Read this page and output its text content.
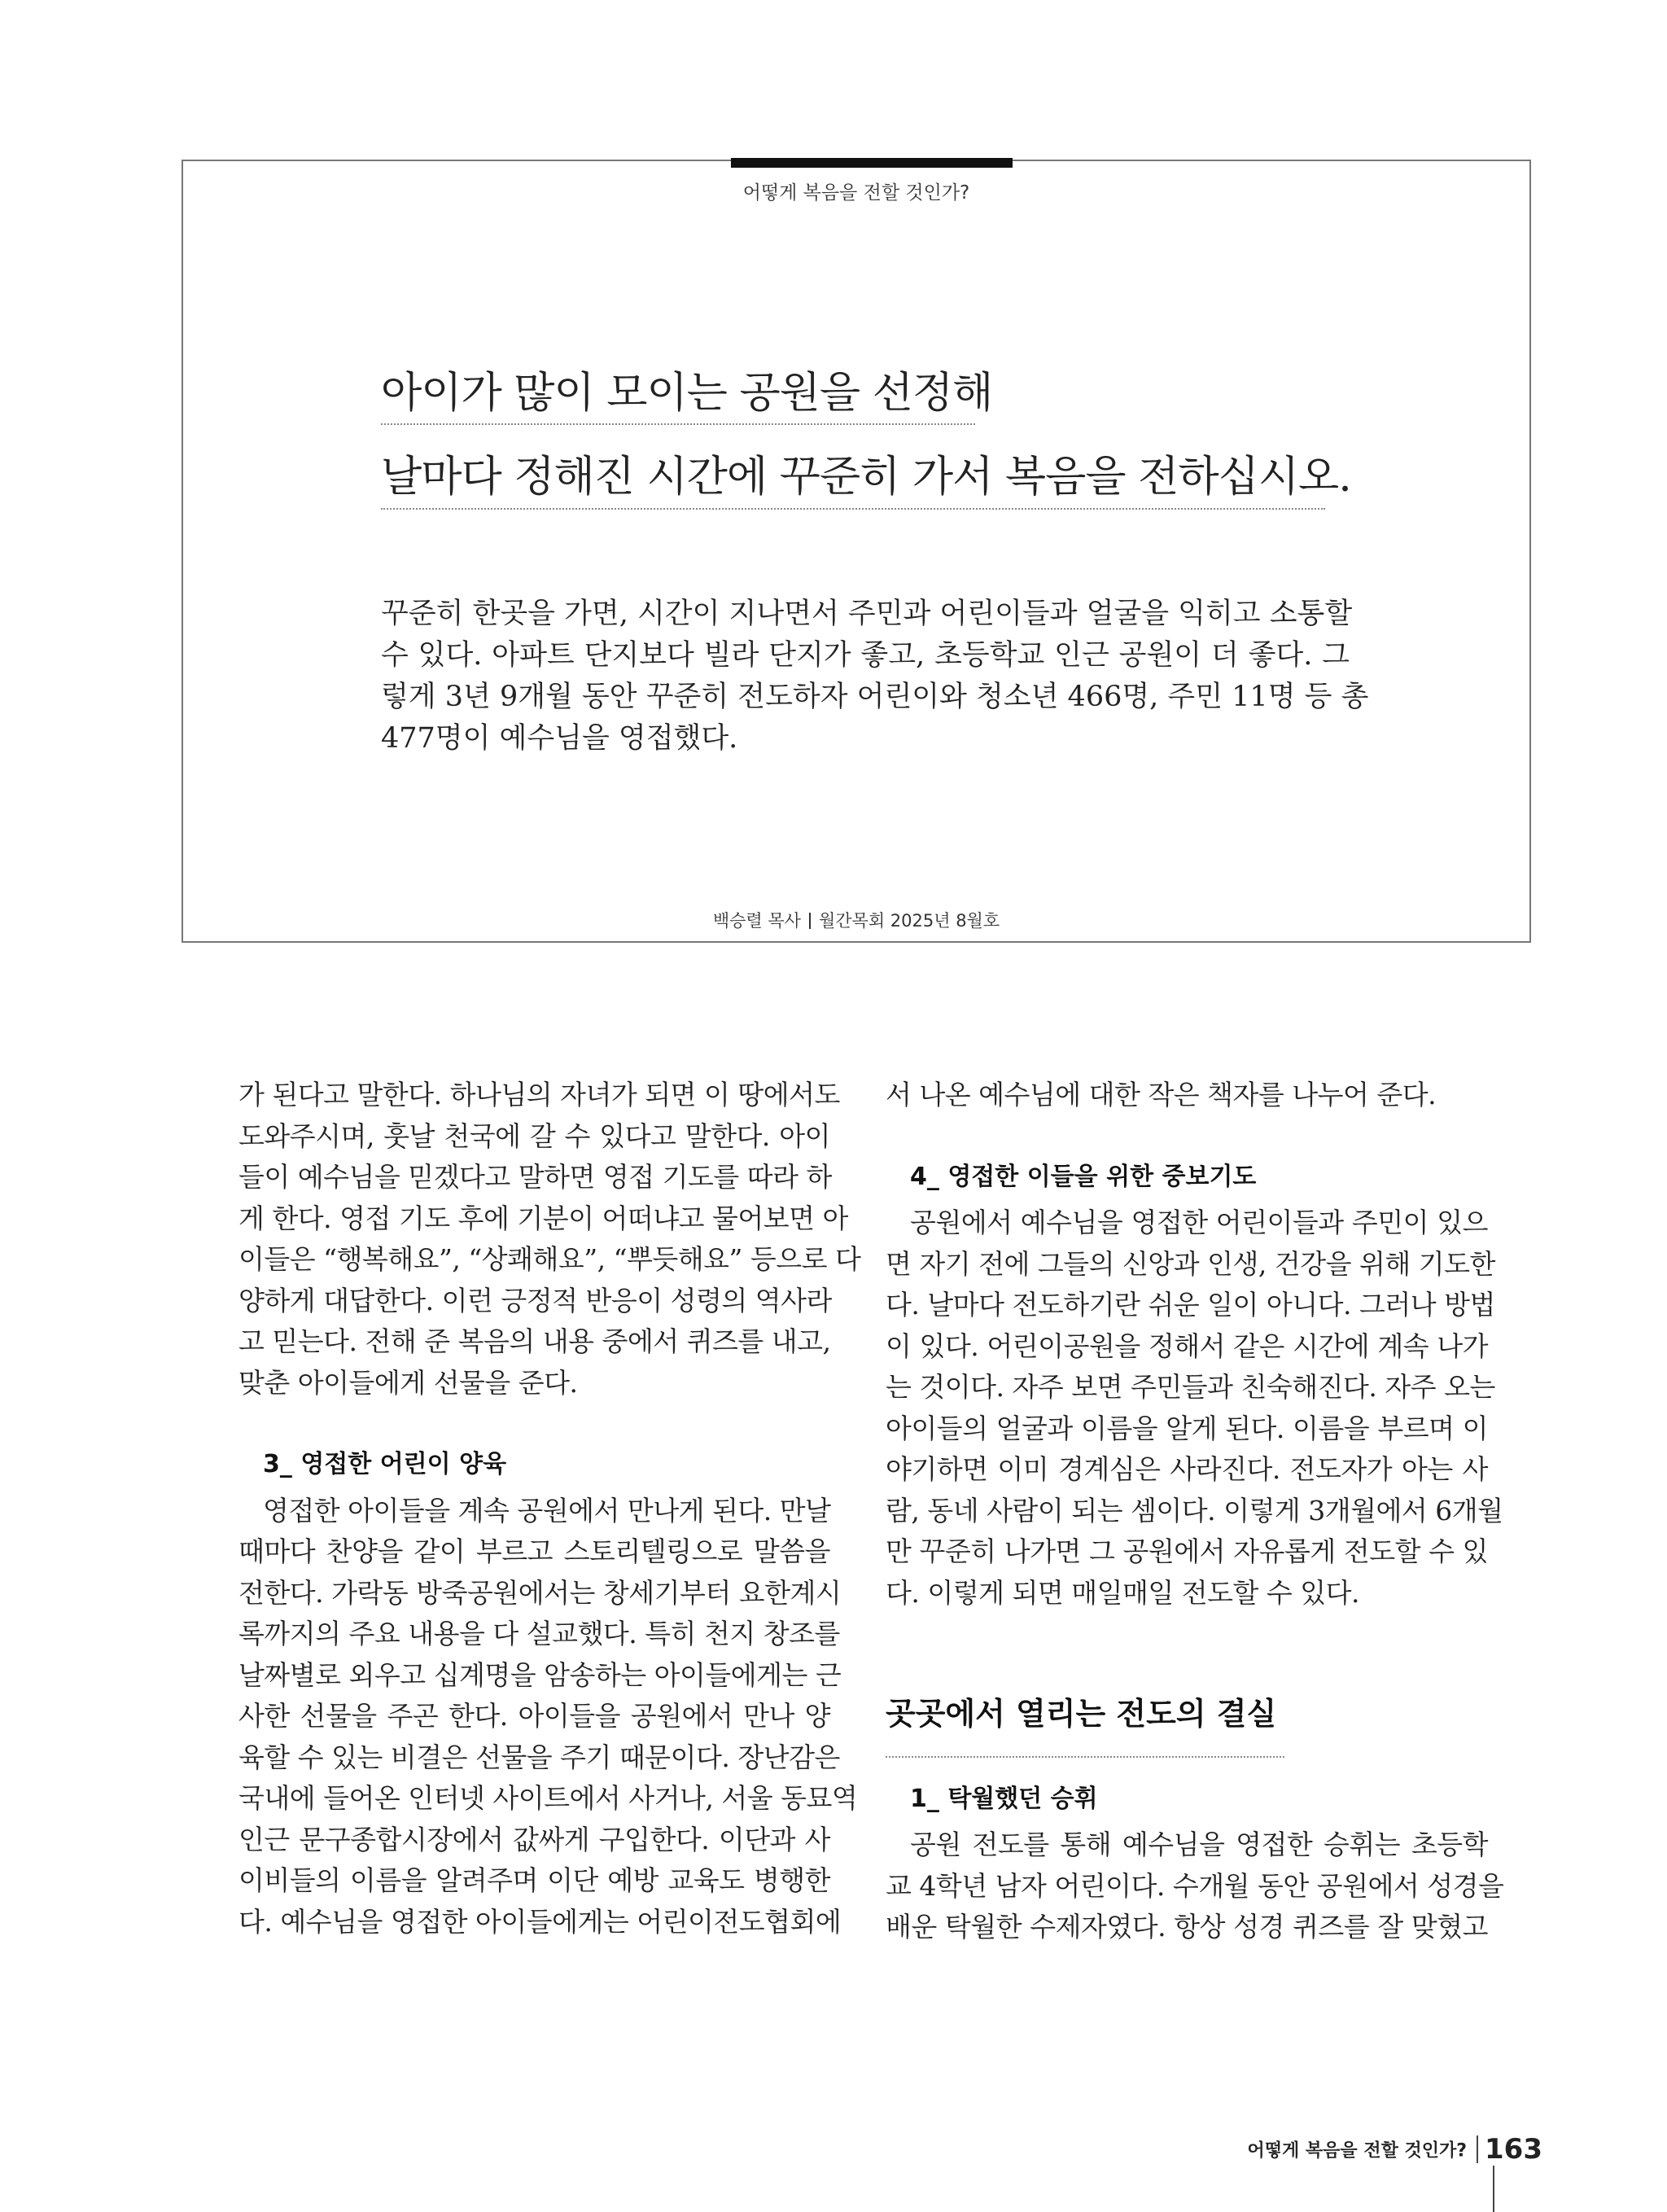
어떻게 복음을 전할 것인가?
아이가 많이 모이는 공원을 선정해
날마다 정해진 시간에 꾸준히 가서 복음을 전하십시오.
꾸준히 한곳을 가면, 시간이 지나면서 주민과 어린이들과 얼굴을 익히고 소통할
수 있다. 아파트 단지보다 빌라 단지가 좋고, 초등학교 인근 공원이 더 좋다. 그
렇게 3년 9개월 동안 꾸준히 전도하자 어린이와 청소년 466명, 주민 11명 등 총
477명이 예수님을 영접했다.
백승렬 목사 월간목회 2025년 8월호
가 된다고 말한다. 하나님의 자녀가 되면 이 땅에서도
도와주시며, 훗날 천국에 갈 수 있다고 말한다. 아이
들이 예수님을 믿겠다고 말하면 영접 기도를 따라 하
게 한다. 영접 기도 후에 기분이 어떠냐고 물어보면 아
이들은 “행복해요”, “상쾌해요”, “뿌듯해요” 등으로 다
양하게 대답한다. 이런 긍정적 반응이 성령의 역사라
고 믿는다. 전해 준 복음의 내용 중에서 퀴즈를 내고,
맞춘 아이들에게 선물을 준다.
3_ 영접한 어린이 양육
영접한 아이들을 계속 공원에서 만나게 된다. 만날
때마다 찬양을 같이 부르고 스토리텔링으로 말씀을
전한다. 가락동 방죽공원에서는 창세기부터 요한계시
록까지의 주요 내용을 다 설교했다. 특히 천지 창조를
날짜별로 외우고 십계명을 암송하는 아이들에게는 근
사한 선물을 주곤 한다. 아이들을 공원에서 만나 양
육할 수 있는 비결은 선물을 주기 때문이다. 장난감은
국내에 들어온 인터넷 사이트에서 사거나, 서울 동묘역
인근 문구종합시장에서 값싸게 구입한다. 이단과 사
이비들의 이름을 알려주며 이단 예방 교육도 병행한
다. 예수님을 영접한 아이들에게는 어린이전도협회에
서 나온 예수님에 대한 작은 책자를 나누어 준다.
4_ 영접한 이들을 위한 중보기도
공원에서 예수님을 영접한 어린이들과 주민이 있으
면 자기 전에 그들의 신앙과 인생, 건강을 위해 기도한
다. 날마다 전도하기란 쉬운 일이 아니다. 그러나 방법
이 있다. 어린이공원을 정해서 같은 시간에 계속 나가
는 것이다. 자주 보면 주민들과 친숙해진다. 자주 오는
아이들의 얼굴과 이름을 알게 된다. 이름을 부르며 이
야기하면 이미 경계심은 사라진다. 전도자가 아는 사
람, 동네 사람이 되는 셈이다. 이렇게 3개월에서 6개월
만 꾸준히 나가면 그 공원에서 자유롭게 전도할 수 있
다. 이렇게 되면 매일매일 전도할 수 있다.
곳곳에서 열리는 전도의 결실
1_ 탁월했던 승휘
공원 전도를 통해 예수님을 영접한 승휘는 초등학
교 4학년 남자 어린이다. 수개월 동안 공원에서 성경을
배운 탁월한 수제자였다. 항상 성경 퀴즈를 잘 맞혔고
어떻게 복음을 전할 것인가? 163
